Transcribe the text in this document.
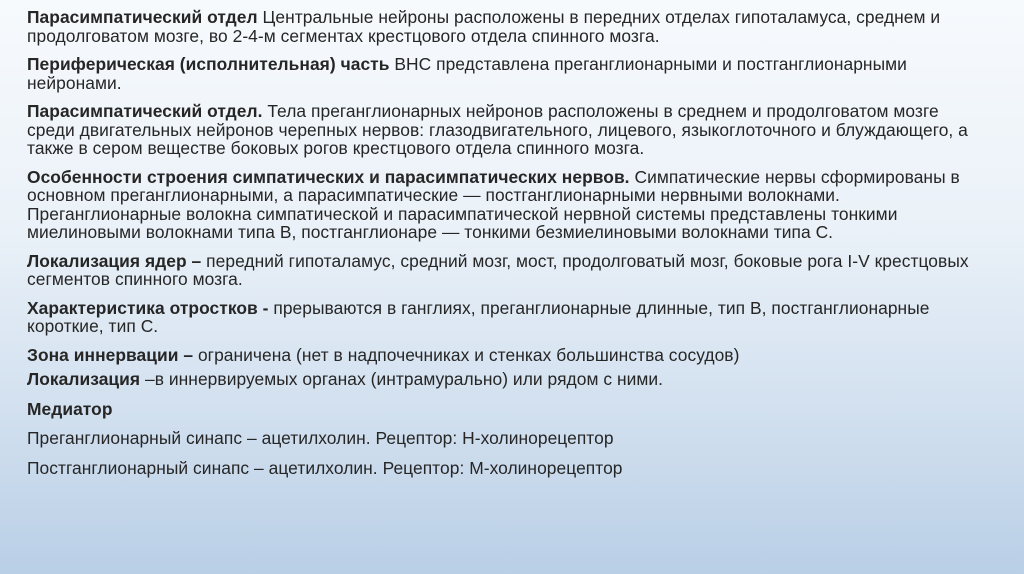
Парасимпатический отдел Центральные нейроны расположены в передних отделах гипоталамуса, среднем и продолговатом мозге, во 2-4-м сегментах крестцового отдела спинного мозга.

Периферическая (исполнительная) часть ВНС представлена преганглионарными и постганглионарными нейронами.

Парасимпатический отдел. Тела преганглионарных нейронов расположены в среднем и продолговатом мозге среди двигательных нейронов черепных нервов: глазодвигательного, лицевого, языкоглоточного и блуждающего, а также в сером веществе боковых рогов крестцового отдела спинного мозга.

Особенности строения симпатических и парасимпатических нервов. Симпатические нервы сформированы в основном преганглионарными, а парасимпатические — постганглионарными нервными волокнами. Преганглионарные волокна симпатической и парасимпатической нервной системы представлены тонкими миелиновыми волокнами типа B, постганглионаре — тонкими безмиелиновыми волокнами типа C.

Локализация ядер – передний гипоталамус, средний мозг, мост, продолговатый мозг, боковые рога I-V крестцовых сегментов спинного мозга.

Характеристика отростков - прерываются в ганглиях, преганглионарные длинные, тип В, постганглионарные короткие, тип С.

Зона иннервации – ограничена (нет в надпочечниках и стенках большинства сосудов)

Локализация –в иннервируемых органах (интрамурально) или рядом с ними.

Медиатор

Преганглионарный синапс – ацетилхолин. Рецептор: Н-холинорецептор

Постганглионарный синапс – ацетилхолин. Рецептор: М-холинорецептор
